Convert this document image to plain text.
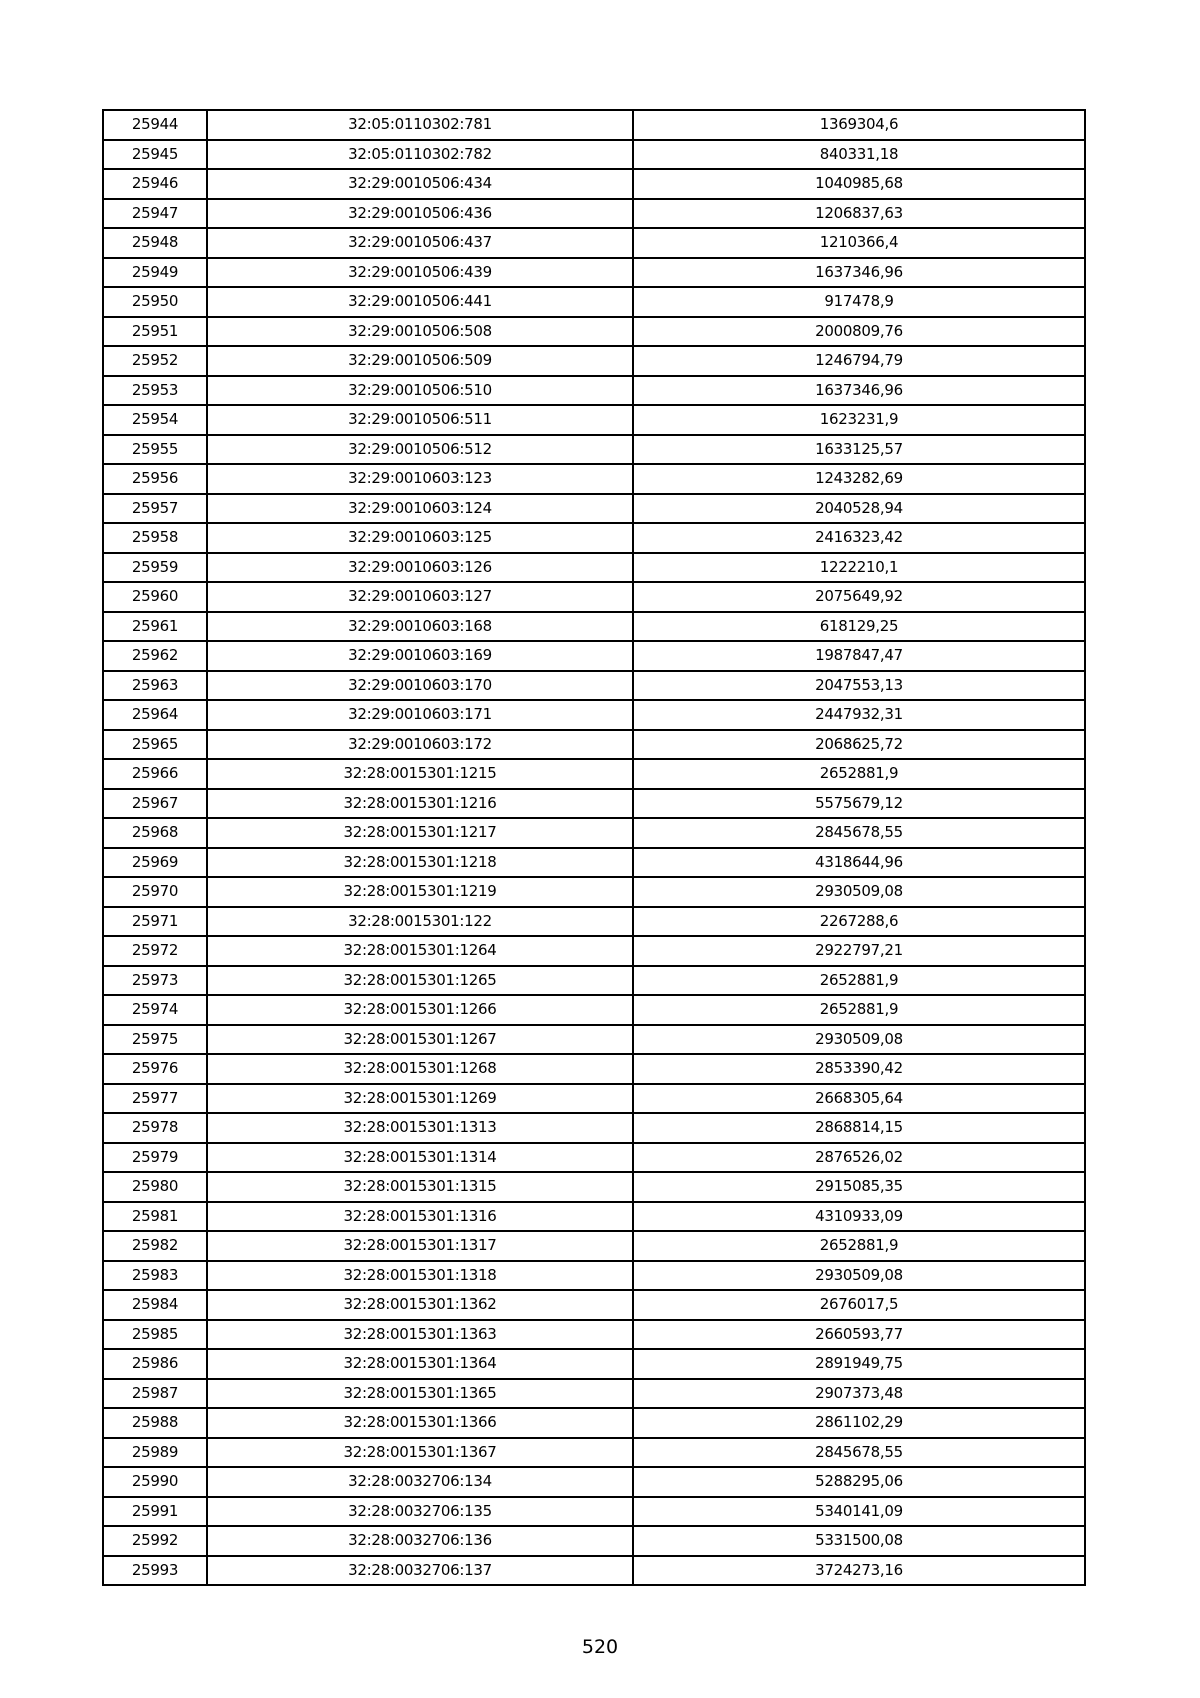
25944	32:05:0110302:781	1369304,6
25945	32:05:0110302:782	840331,18
25946	32:29:0010506:434	1040985,68
25947	32:29:0010506:436	1206837,63
25948	32:29:0010506:437	1210366,4
25949	32:29:0010506:439	1637346,96
25950	32:29:0010506:441	917478,9
25951	32:29:0010506:508	2000809,76
25952	32:29:0010506:509	1246794,79
25953	32:29:0010506:510	1637346,96
25954	32:29:0010506:511	1623231,9
25955	32:29:0010506:512	1633125,57
25956	32:29:0010603:123	1243282,69
25957	32:29:0010603:124	2040528,94
25958	32:29:0010603:125	2416323,42
25959	32:29:0010603:126	1222210,1
25960	32:29:0010603:127	2075649,92
25961	32:29:0010603:168	618129,25
25962	32:29:0010603:169	1987847,47
25963	32:29:0010603:170	2047553,13
25964	32:29:0010603:171	2447932,31
25965	32:29:0010603:172	2068625,72
25966	32:28:0015301:1215	2652881,9
25967	32:28:0015301:1216	5575679,12
25968	32:28:0015301:1217	2845678,55
25969	32:28:0015301:1218	4318644,96
25970	32:28:0015301:1219	2930509,08
25971	32:28:0015301:122	2267288,6
25972	32:28:0015301:1264	2922797,21
25973	32:28:0015301:1265	2652881,9
25974	32:28:0015301:1266	2652881,9
25975	32:28:0015301:1267	2930509,08
25976	32:28:0015301:1268	2853390,42
25977	32:28:0015301:1269	2668305,64
25978	32:28:0015301:1313	2868814,15
25979	32:28:0015301:1314	2876526,02
25980	32:28:0015301:1315	2915085,35
25981	32:28:0015301:1316	4310933,09
25982	32:28:0015301:1317	2652881,9
25983	32:28:0015301:1318	2930509,08
25984	32:28:0015301:1362	2676017,5
25985	32:28:0015301:1363	2660593,77
25986	32:28:0015301:1364	2891949,75
25987	32:28:0015301:1365	2907373,48
25988	32:28:0015301:1366	2861102,29
25989	32:28:0015301:1367	2845678,55
25990	32:28:0032706:134	5288295,06
25991	32:28:0032706:135	5340141,09
25992	32:28:0032706:136	5331500,08
25993	32:28:0032706:137	3724273,16
520
